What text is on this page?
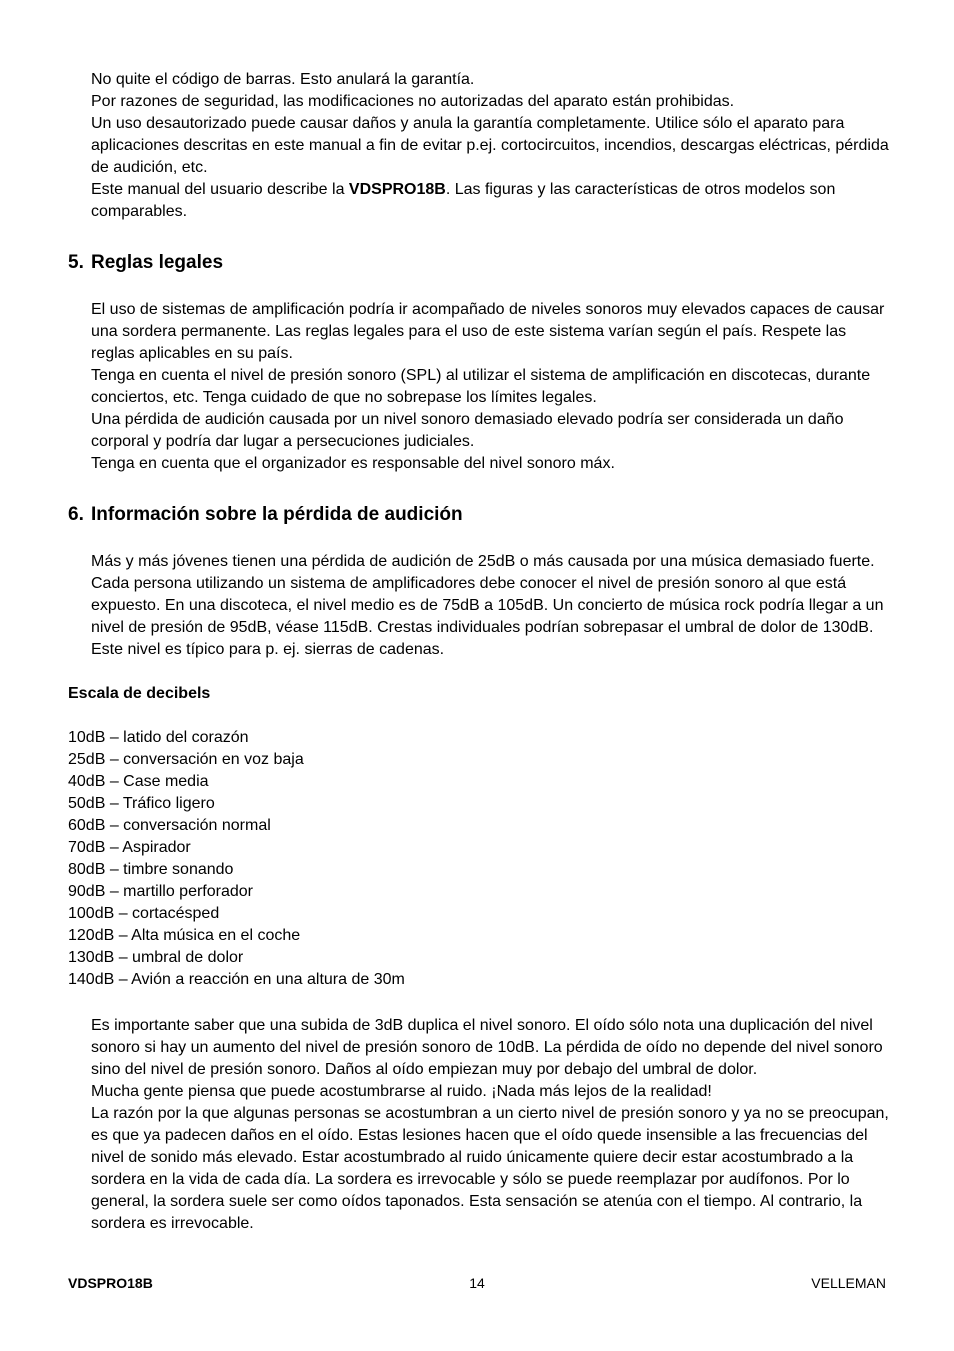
No quite el código de barras. Esto anulará la garantía.

Por razones de seguridad, las modificaciones no autorizadas del aparato están prohibidas.

Un uso desautorizado puede causar daños y anula la garantía completamente. Utilice sólo el aparato para aplicaciones descritas en este manual a fin de evitar p.ej. cortocircuitos, incendios, descargas eléctricas, pérdida de audición, etc.

Este manual del usuario describe la VDSPRO18B. Las figuras y las características de otros modelos son comparables.

5. Reglas legales

El uso de sistemas de amplificación podría ir acompañado de niveles sonoros muy elevados capaces de causar una sordera permanente. Las reglas legales para el uso de este sistema varían según el país. Respete las reglas aplicables en su país.

Tenga en cuenta el nivel de presión sonoro (SPL) al utilizar el sistema de amplificación en discotecas, durante conciertos, etc. Tenga cuidado de que no sobrepase los límites legales.

Una pérdida de audición causada por un nivel sonoro demasiado elevado podría ser considerada un daño corporal y podría dar lugar a persecuciones judiciales.

Tenga en cuenta que el organizador es responsable del nivel sonoro máx.

6. Información sobre la pérdida de audición

Más y más jóvenes tienen una pérdida de audición de 25dB o más causada por una música demasiado fuerte. Cada persona utilizando un sistema de amplificadores debe conocer el nivel de presión sonoro al que está expuesto. En una discoteca, el nivel medio es de 75dB a 105dB. Un concierto de música rock podría llegar a un nivel de presión de 95dB, véase 115dB. Crestas individuales podrían sobrepasar el umbral de dolor de 130dB. Este nivel es típico para p. ej. sierras de cadenas.

Escala de decibels
10dB – latido del corazón
25dB – conversación en voz baja
40dB – Case media
50dB – Tráfico ligero
60dB – conversación normal
70dB – Aspirador
80dB – timbre sonando
90dB – martillo perforador
100dB – cortacésped
120dB – Alta música en el coche
130dB – umbral de dolor
140dB – Avión a reacción en una altura de 30m

Es importante saber que una subida de 3dB duplica el nivel sonoro. El oído sólo nota una duplicación del nivel sonoro si hay un aumento del nivel de presión sonoro de 10dB. La pérdida de oído no depende del nivel sonoro sino del nivel de presión sonoro. Daños al oído empiezan muy por debajo del umbral de dolor.

Mucha gente piensa que puede acostumbrarse al ruido. ¡Nada más lejos de la realidad!

La razón por la que algunas personas se acostumbran a un cierto nivel de presión sonoro y ya no se preocupan, es que ya padecen daños en el oído. Estas lesiones hacen que el oído quede insensible a las frecuencias del nivel de sonido más elevado. Estar acostumbrado al ruido únicamente quiere decir estar acostumbrado a la sordera en la vida de cada día. La sordera es irrevocable y sólo se puede reemplazar por audífonos. Por lo general, la sordera suele ser como oídos taponados. Esta sensación se atenúa con el tiempo. Al contrario, la sordera es irrevocable.

VDSPRO18B	14	VELLEMAN
